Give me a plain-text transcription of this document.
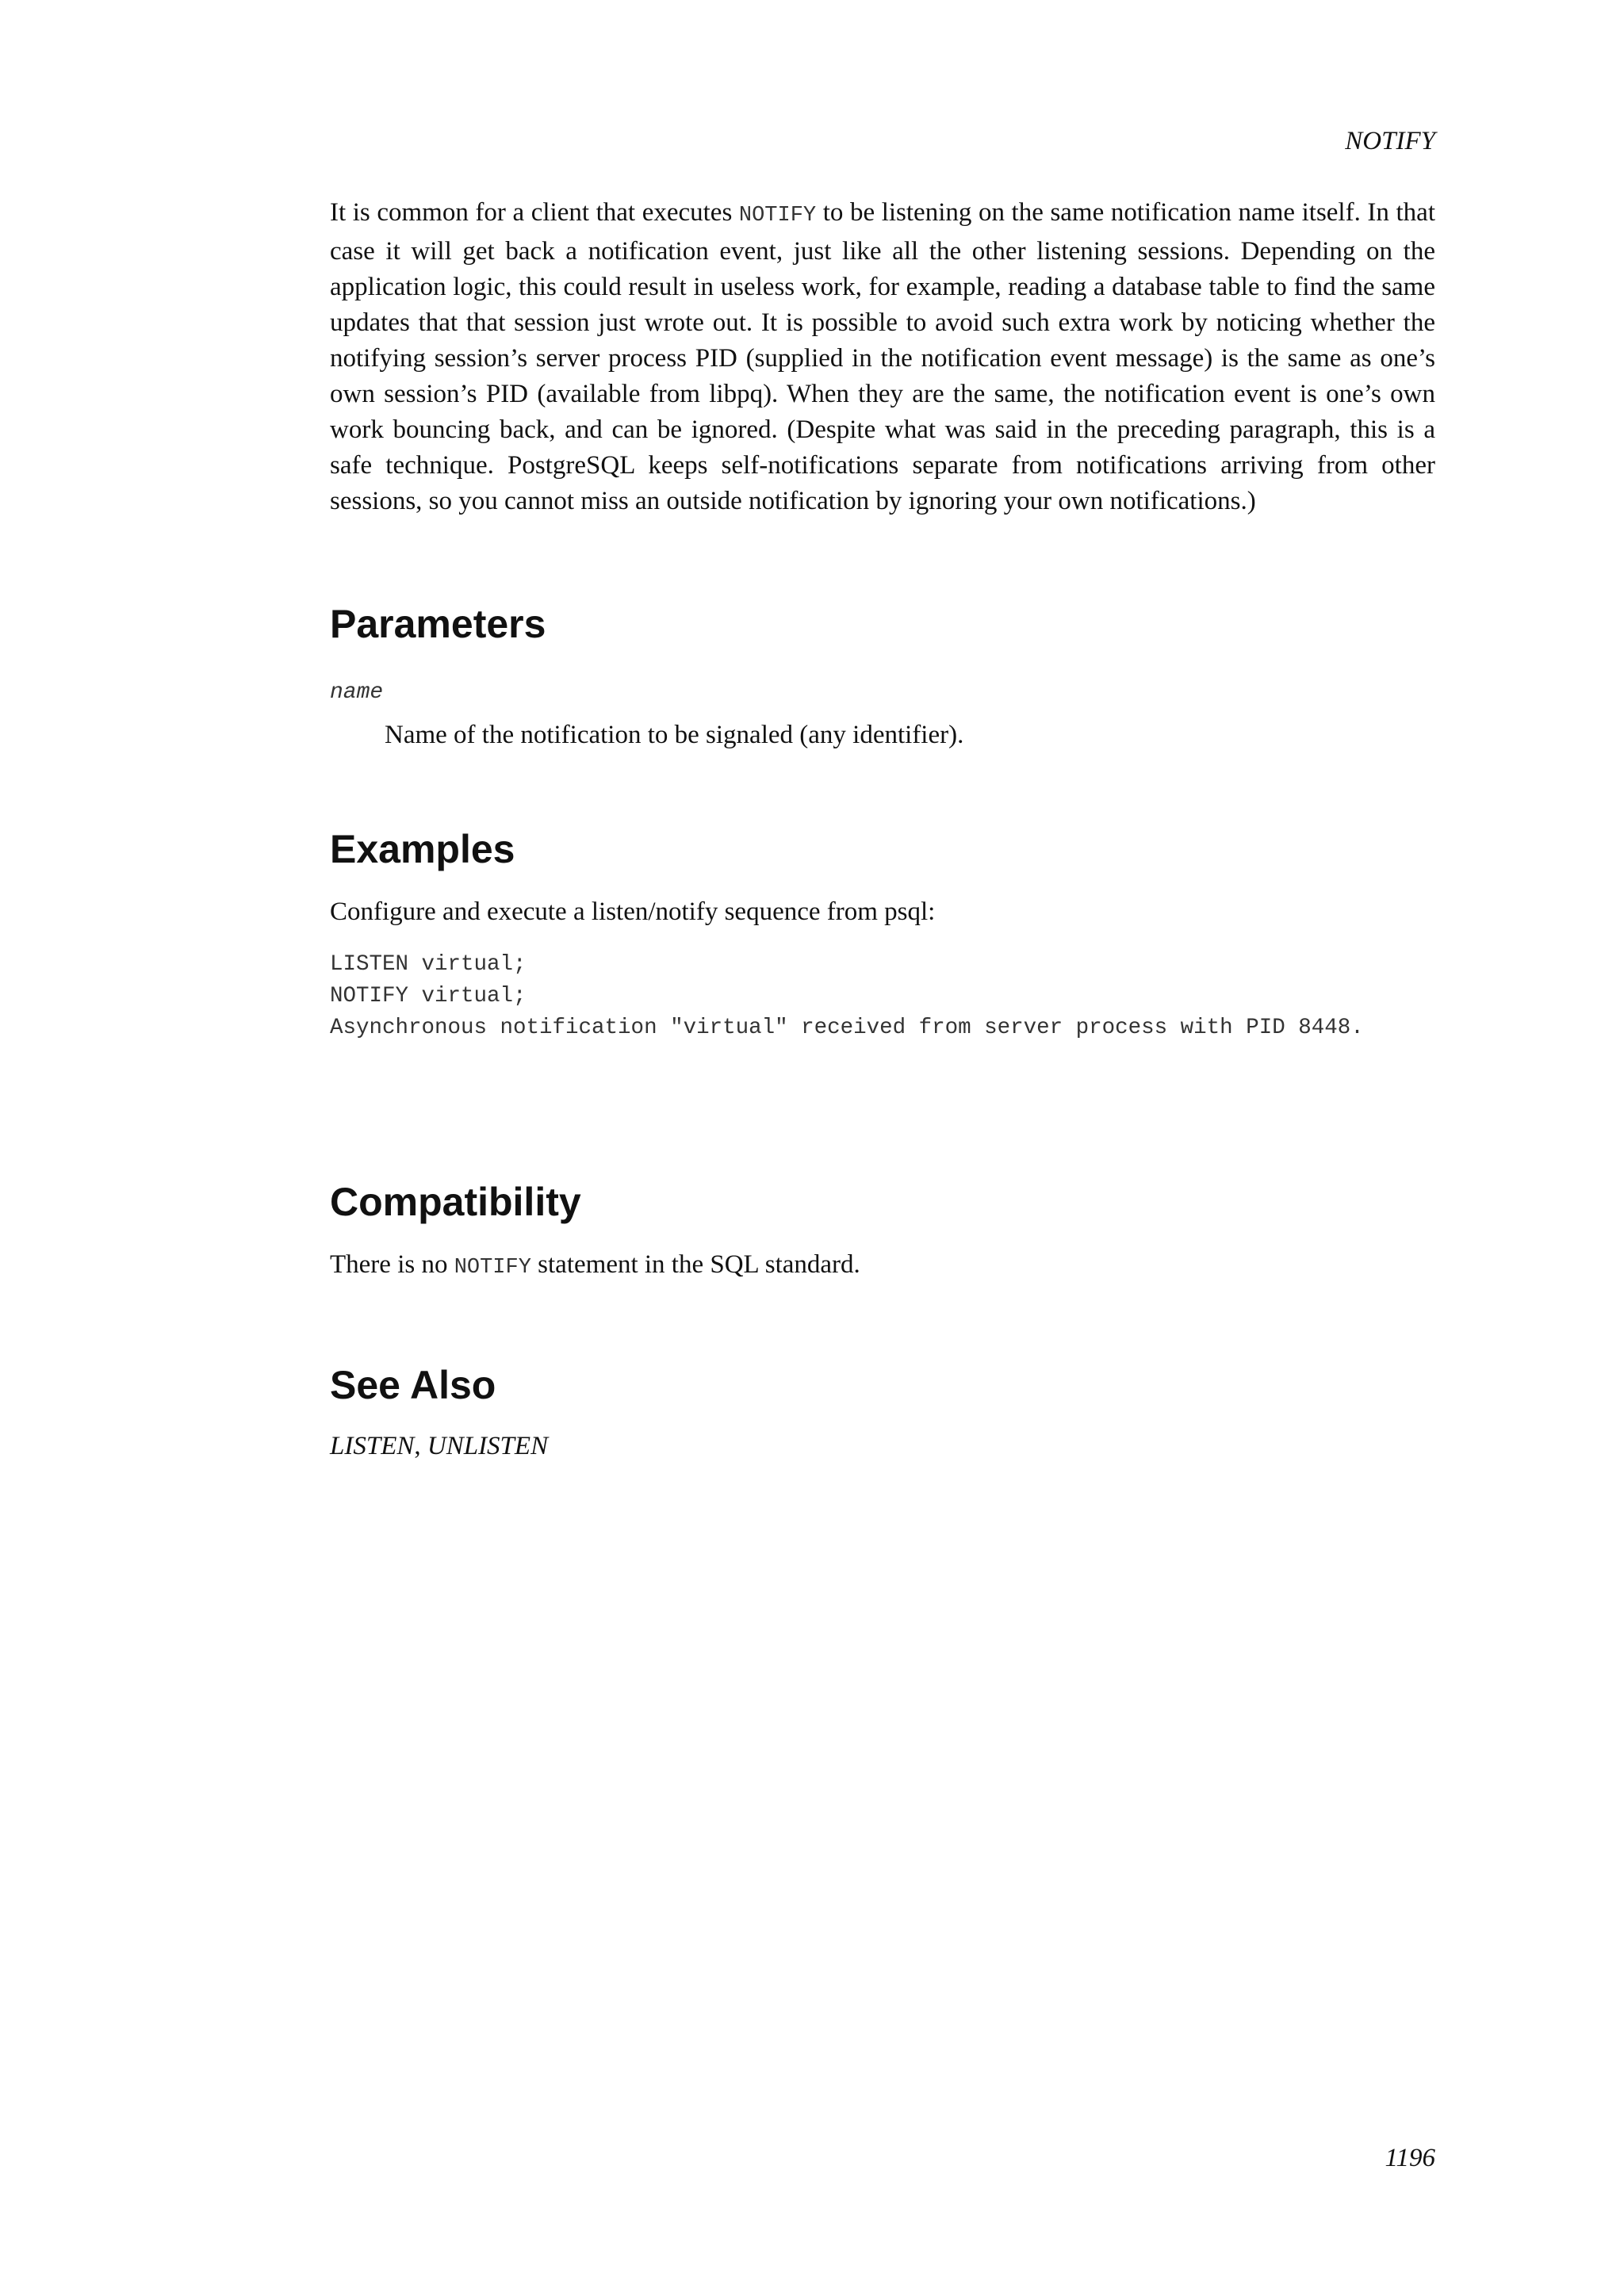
NOTIFY

It is common for a client that executes NOTIFY to be listening on the same notification name itself. In that case it will get back a notification event, just like all the other listening sessions. Depending on the application logic, this could result in useless work, for example, reading a database table to find the same updates that that session just wrote out. It is possible to avoid such extra work by noticing whether the notifying session’s server process PID (supplied in the notification event message) is the same as one’s own session’s PID (available from libpq). When they are the same, the notification event is one’s own work bouncing back, and can be ignored. (Despite what was said in the preceding paragraph, this is a safe technique. PostgreSQL keeps self-notifications separate from notifications arriving from other sessions, so you cannot miss an outside notification by ignoring your own notifications.)

Parameters
name
Name of the notification to be signaled (any identifier).
Examples
Configure and execute a listen/notify sequence from psql:
LISTEN virtual;
NOTIFY virtual;
Asynchronous notification "virtual" received from server process with PID 8448.
Compatibility
There is no NOTIFY statement in the SQL standard.
See Also
LISTEN, UNLISTEN
1196
